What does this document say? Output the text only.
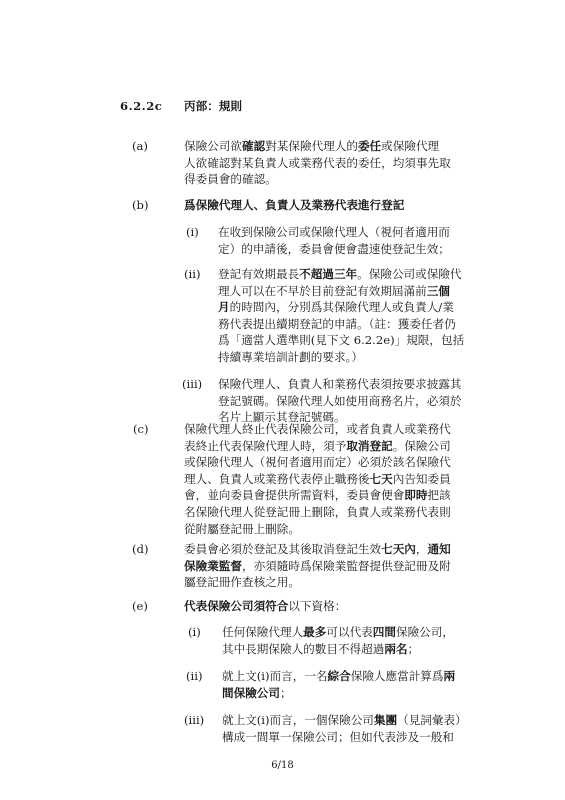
6.2.2c 丙部：規則
(a)	保險公司欲確認對某保險代理人的委任或保險代理
人欲確認對某負責人或業務代表的委任，均須事先取
得委員會的確認。
(b)	爲保險代理人、負責人及業務代表進行登記
(i) 在收到保險公司或保險代理人（視何者適用而
定）的申請後，委員會便會盡速使登記生效；
(ii) 登記有效期最長不超過三年。保險公司或保險代
理人可以在不早於目前登記有效期屆滿前三個
月的時間內，分別爲其保險代理人或負責人/業
務代表提出續期登記的申請。（註：獲委任者仍
爲「適當人選準則(見下文 6.2.2e)」規限，包括
持續專業培訓計劃的要求。）
(iii) 保險代理人、負責人和業務代表須按要求披露其
登記號碼。保險代理人如使用商務名片，必須於
名片上顯示其登記號碼。
(c)	保險代理人終止代表保險公司，或者負責人或業務代
表終止代表保險代理人時，須予取消登記。保險公司
或保險代理人（視何者適用而定）必須於該名保險代
理人、負責人或業務代表停止職務後七天內告知委員
會，並向委員會提供所需資料，委員會便會即時把該
名保險代理人從登記冊上刪除，負責人或業務代表則
從附屬登記冊上刪除。
(d)	委員會必須於登記及其後取消登記生效七天內，通知
保險業監督，亦須隨時爲保險業監督提供登記冊及附
屬登記冊作查核之用。
(e)	代表保險公司須符合以下資格：
(i) 任何保險代理人最多可以代表四間保險公司，
其中長期保險人的數目不得超過兩名；
(ii) 就上文(i)而言，一名綜合保險人應當計算爲兩
間保險公司；
(iii) 就上文(i)而言，一個保險公司集團（見詞彙表）
構成一間單一保險公司；但如代表涉及一般和
6/18
